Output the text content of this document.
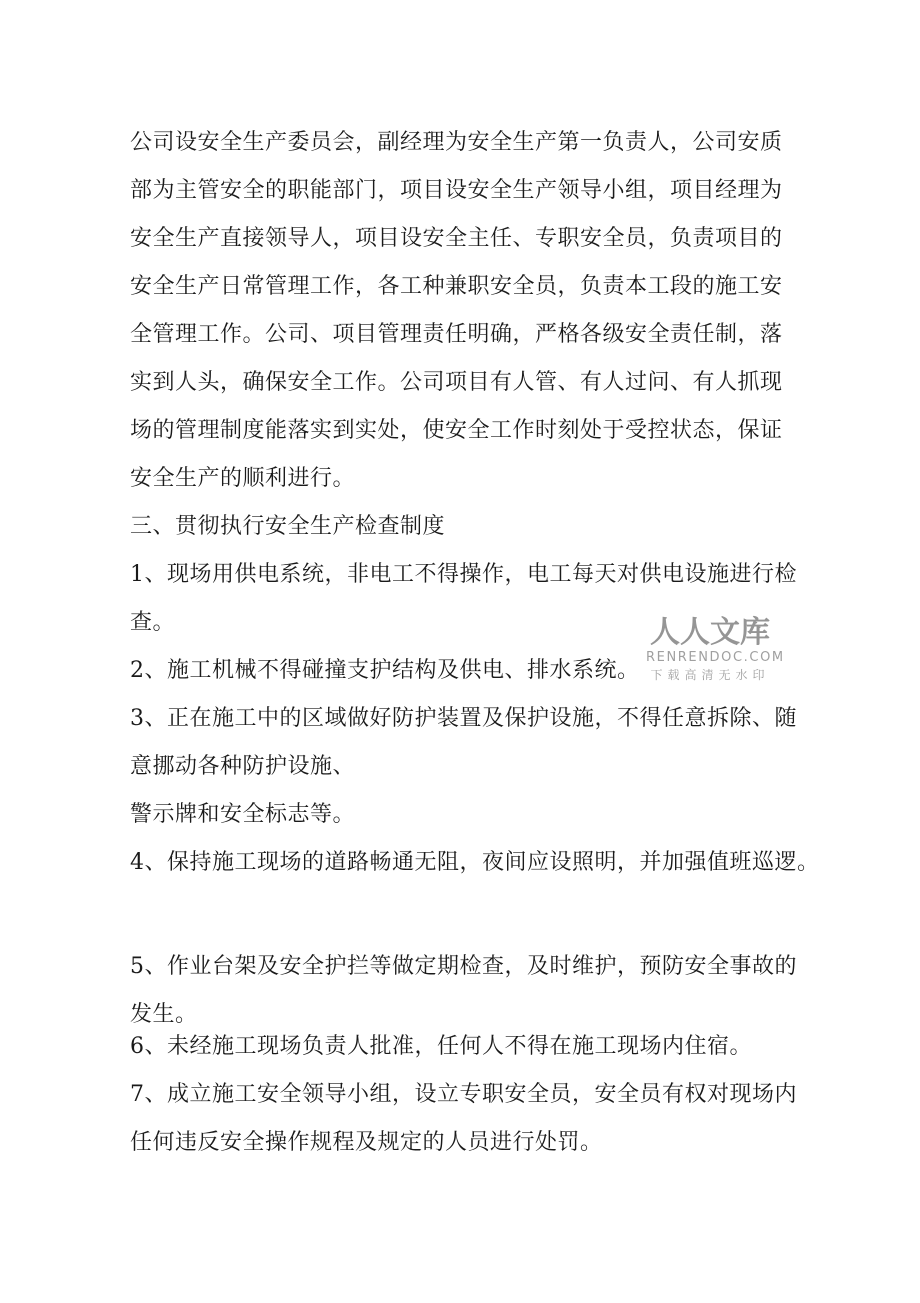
公司设安全生产委员会，副经理为安全生产第一负责人，公司安质
部为主管安全的职能部门，项目设安全生产领导小组，项目经理为
安全生产直接领导人，项目设安全主任、专职安全员，负责项目的
安全生产日常管理工作，各工种兼职安全员，负责本工段的施工安
全管理工作。公司、项目管理责任明确，严格各级安全责任制，落
实到人头，确保安全工作。公司项目有人管、有人过问、有人抓现
场的管理制度能落实到实处，使安全工作时刻处于受控状态，保证
安全生产的顺利进行。
三、贯彻执行安全生产检查制度
1、现场用供电系统，非电工不得操作，电工每天对供电设施进行检
查。
2、施工机械不得碰撞支护结构及供电、排水系统。
3、正在施工中的区域做好防护装置及保护设施，不得任意拆除、随
意挪动各种防护设施、
警示牌和安全标志等。
4、保持施工现场的道路畅通无阻，夜间应设照明，并加强值班巡逻。
5、作业台架及安全护拦等做定期检查，及时维护，预防安全事故的
发生。
6、未经施工现场负责人批准，任何人不得在施工现场内住宿。
7、成立施工安全领导小组，设立专职安全员，安全员有权对现场内
任何违反安全操作规程及规定的人员进行处罚。
人人文库
RENRENDOC.COM
下载高清无水印
